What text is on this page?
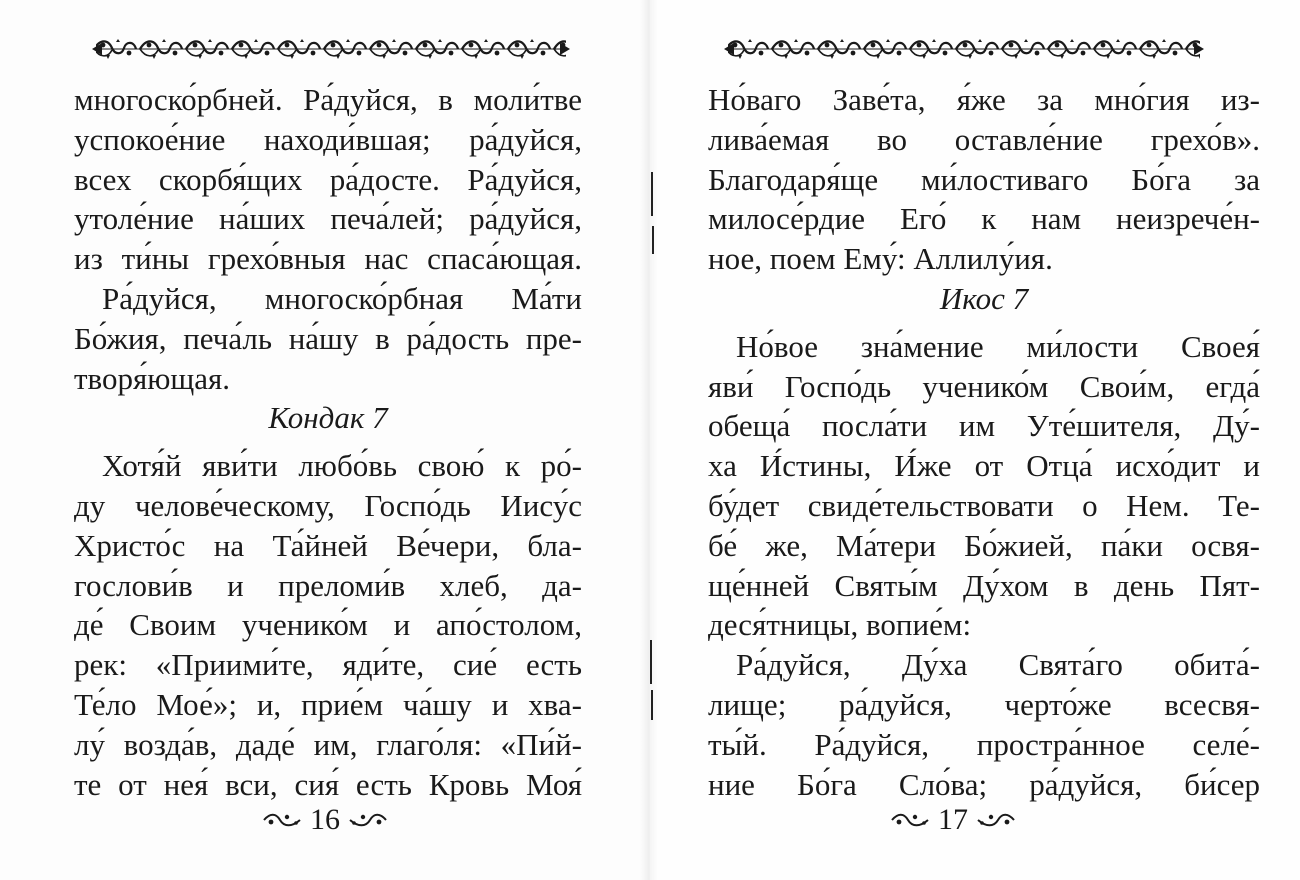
многоско́рбней. Ра́дуйся, в моли́тве

успокое́ние находи́вшая; ра́дуйся,

всех скорбя́щих ра́досте. Ра́дуйся,

утоле́ние на́ших печа́лей; ра́дуйся,

из ти́ны грехо́вныя нас спаса́ющая.

Ра́дуйся, многоско́рбная Ма́ти

Бо́жия, печа́ль на́шу в ра́дость пре-

творя́ющая.

Кондак 7

Хотя́й яви́ти любо́вь свою́ к ро́-

ду челове́ческому, Госпо́дь Иису́с

Христо́с на Та́йней Ве́чери, бла-

гослови́в и преломи́в хлеб, да-

де́ Своим ученико́м и апо́столом,

рек: «Приими́те, яди́те, сие́ есть

Те́ло Мое́»; и, прие́м ча́шу и хва-

лу́ возда́в, даде́ им, глаго́ля: «Пи́й-

те от нея́ вси, сия́ есть Кровь Моя́

16

Но́ваго Заве́та, я́же за мно́гия из-

лива́емая во оставле́ние грехо́в».

Благодаря́ще ми́лостиваго Бо́га за

милосе́рдие Его́ к нам неизрече́н-

ное, поем Ему́: Аллилу́ия.

Икос 7

Но́вое зна́мение ми́лости Своея́

яви́ Госпо́дь ученико́м Свои́м, егда́

обеща́ посла́ти им Уте́шителя, Ду́-

ха И́стины, И́же от Отца́ исхо́дит и

бу́дет свиде́тельствовати о Нем. Те-

бе́ же, Ма́тери Бо́жией, па́ки освя-

ще́нней Святы́м Ду́хом в день Пят-

деся́тницы, вопие́м:

Ра́дуйся, Ду́ха Свята́го обита́-

лище; ра́дуйся, черто́же всесвя-

ты́й. Ра́дуйся, простра́нное селе́-

ние Бо́га Сло́ва; ра́дуйся, би́сер

17
